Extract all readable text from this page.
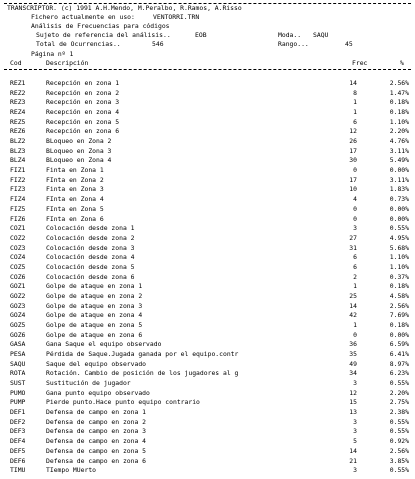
TRANSCRIPTOR. (c) 1991 A.H.Mendo, M.Peralbo, R.Ramos, A.Risso
Fichero actualmente en uso:	VENTORRI.TRN
Análisis de Frecuencias para códigos
Sujeto de referencia del análisis..	EOB	Moda.. SAQU
Total de Ocurrencias..	546	Rango...	45
Página nº 1
Cod	Descripción	Frec	%
REZ1	Recepción en zona 1	14	2.56%
REZ2	Recepción en zona 2	8	1.47%
REZ3	Recepción en zona 3	1	0.18%
REZ4	Recepción en zona 4	1	0.18%
REZ5	Recepción en zona 5	6	1.10%
REZ6	Recepción en zona 6	12	2.20%
BLZ2	BLoqueo en Zona 2	26	4.76%
BLZ3	BLoqueo en Zona 3	17	3.11%
BLZ4	BLoqueo en Zona 4	30	5.49%
FIZ1	Finta en Zona 1	0	0.00%
FIZ2	FInta en Zona 2	17	3.11%
FIZ3	Finta en Zona 3	10	1.83%
FIZ4	FInta en Zona 4	4	0.73%
FIZ5	FInta en Zona 5	0	0.00%
FIZ6	FInta en Zona 6	0	0.00%
COZ1	Colocación desde zona 1	3	0.55%
COZ2	Colocación desde zona 2	27	4.95%
COZ3	Colocación desde zona 3	31	5.68%
COZ4	Colocación desde zona 4	6	1.10%
COZ5	Colocación desde zona 5	6	1.10%
COZ6	Colocación desde zona 6	2	0.37%
GOZ1	Golpe de ataque en zona 1	1	0.18%
GOZ2	Golpe de ataque en zona 2	25	4.58%
GOZ3	Golpe de ataque en zona 3	14	2.56%
GOZ4	Golpe de ataque en zona 4	42	7.69%
GOZ5	Golpe de ataque en zona 5	1	0.18%
GOZ6	Golpe de ataque en zona 6	0	0.00%
GASA	Gana Saque el equipo observado	36	6.59%
PESA	Pérdida de Saque.Jugada ganada por el equipo.contr	35	6.41%
SAQU	Saque del equipo observado	49	8.97%
ROTA	Rotación. Cambio de posición de los jugadores al g	34	6.23%
SUST	Sustitución de jugador	3	0.55%
PUMO	Gana punto equipo observado	12	2.20%
PUMP	Pierde punto.Hace punto equipo contrario	15	2.75%
DEF1	Defensa de campo en zona 1	13	2.38%
DEF2	Defensa de campo en zona 2	3	0.55%
DEF3	Defensa de campo en zona 3	3	0.55%
DEF4	Defensa de campo en zona 4	5	0.92%
DEF5	Defensa de campo en zona 5	14	2.56%
DEF6	Defensa de campo en zona 6	21	3.85%
TIMU	TIempo MUerto	3	0.55%
